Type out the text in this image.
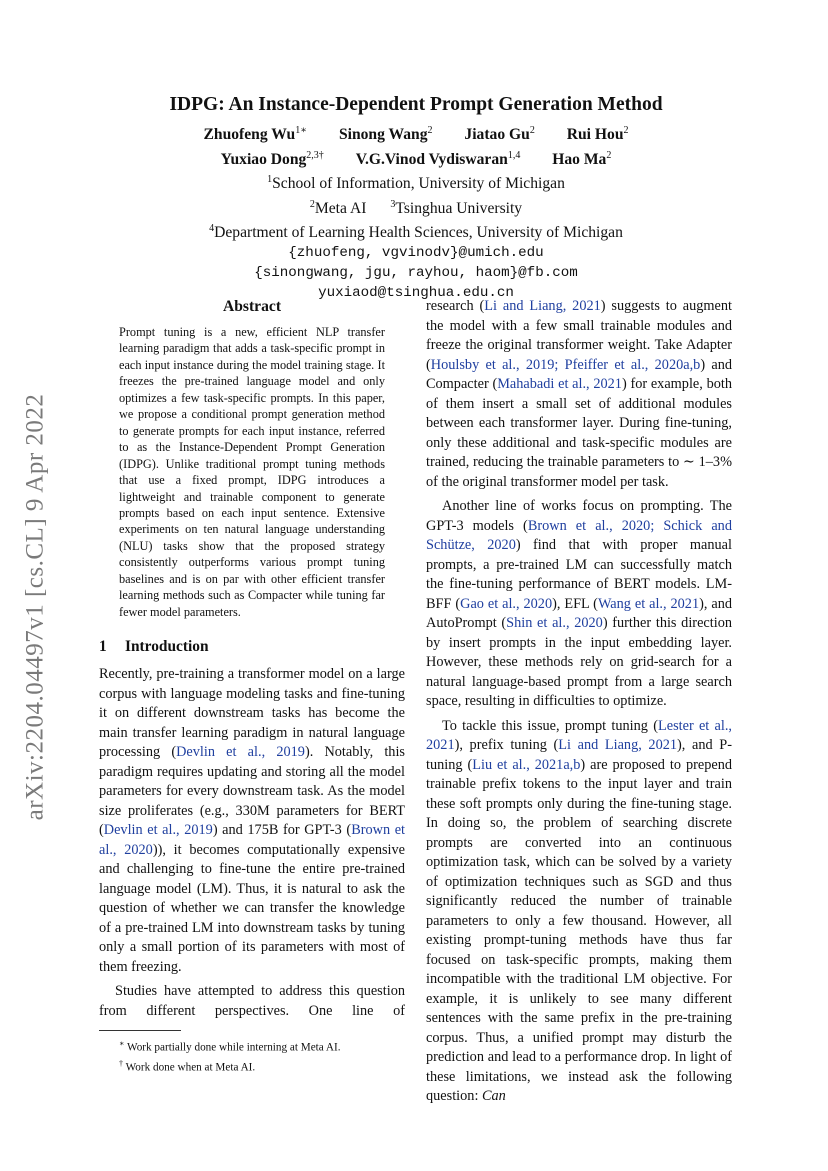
arXiv:2204.04497v1 [cs.CL] 9 Apr 2022
IDPG: An Instance-Dependent Prompt Generation Method
Zhuofeng $Wu^{1∗}$ Sinong Wang$^2$ Jiatao Gu$^2$ Rui Hou$^2$
Yuxiao Dong$^{2,3\dagger}$ V.G.Vinod Vydiswaran$^{1,4}$ Hao Ma$^2$
$^1$School of Information, University of Michigan
$^2$Meta AI $^3$Tsinghua University
$^4$Department of Learning Health Sciences, University of Michigan
{zhuofeng, vgvinodv}@umich.edu
{sinongwang, jgu, rayhou, haom}@fb.com
yuxiaod@tsinghua.edu.cn
Abstract
Prompt tuning is a new, efficient NLP transfer learning paradigm that adds a task-specific prompt in each input instance during the model training stage. It freezes the pre-trained language model and only optimizes a few task-specific prompts. In this paper, we propose a conditional prompt generation method to generate prompts for each input instance, referred to as the Instance-Dependent Prompt Generation (IDPG). Unlike traditional prompt tuning methods that use a fixed prompt, IDPG introduces a lightweight and trainable component to generate prompts based on each input sentence. Extensive experiments on ten natural language understanding (NLU) tasks show that the proposed strategy consistently outperforms various prompt tuning baselines and is on par with other efficient transfer learning methods such as Compacter while tuning far fewer model parameters.
1 Introduction

Recently, pre-training a transformer model on a large corpus with language modeling tasks and fine-tuning it on different downstream tasks has become the main transfer learning paradigm in natural language processing (Devlin et al., 2019). Notably, this paradigm requires updating and storing all the model parameters for every downstream task. As the model size proliferates (e.g., 330M parameters for BERT (Devlin et al., 2019) and 175B for GPT-3 (Brown et al., 2020)), it becomes computationally expensive and challenging to fine-tune the entire pre-trained language model (LM). Thus, it is natural to ask the question of whether we can transfer the knowledge of a pre-trained LM into downstream tasks by tuning only a small portion of its parameters with most of them freezing.

Studies have attempted to address this question from different perspectives. One line of

∗ Work partially done while interning at Meta AI.
† Work done when at Meta AI.

research (Li and Liang, 2021) suggests to augment the model with a few small trainable modules and freeze the original transformer weight. Take Adapter (Houlsby et al., 2019; Pfeiffer et al., 2020a,b) and Compacter (Mahabadi et al., 2021) for example, both of them insert a small set of additional modules between each transformer layer. During fine-tuning, only these additional and task-specific modules are trained, reducing the trainable parameters to ∼ 1–3% of the original transformer model per task.

Another line of works focus on prompting. The GPT-3 models (Brown et al., 2020; Schick and Schütze, 2020) find that with proper manual prompts, a pre-trained LM can successfully match the fine-tuning performance of BERT models. LM-BFF (Gao et al., 2020), EFL (Wang et al., 2021), and AutoPrompt (Shin et al., 2020) further this direction by insert prompts in the input embedding layer. However, these methods rely on grid-search for a natural language-based prompt from a large search space, resulting in difficulties to optimize.

To tackle this issue, prompt tuning (Lester et al., 2021), prefix tuning (Li and Liang, 2021), and P-tuning (Liu et al., 2021a,b) are proposed to prepend trainable prefix tokens to the input layer and train these soft prompts only during the fine-tuning stage. In doing so, the problem of searching discrete prompts are converted into an continuous optimization task, which can be solved by a variety of optimization techniques such as SGD and thus significantly reduced the number of trainable parameters to only a few thousand. However, all existing prompt-tuning methods have thus far focused on task-specific prompts, making them incompatible with the traditional LM objective. For example, it is unlikely to see many different sentences with the same prefix in the pre-training corpus. Thus, a unified prompt may disturb the prediction and lead to a performance drop. In light of these limitations, we instead ask the following question: Can
